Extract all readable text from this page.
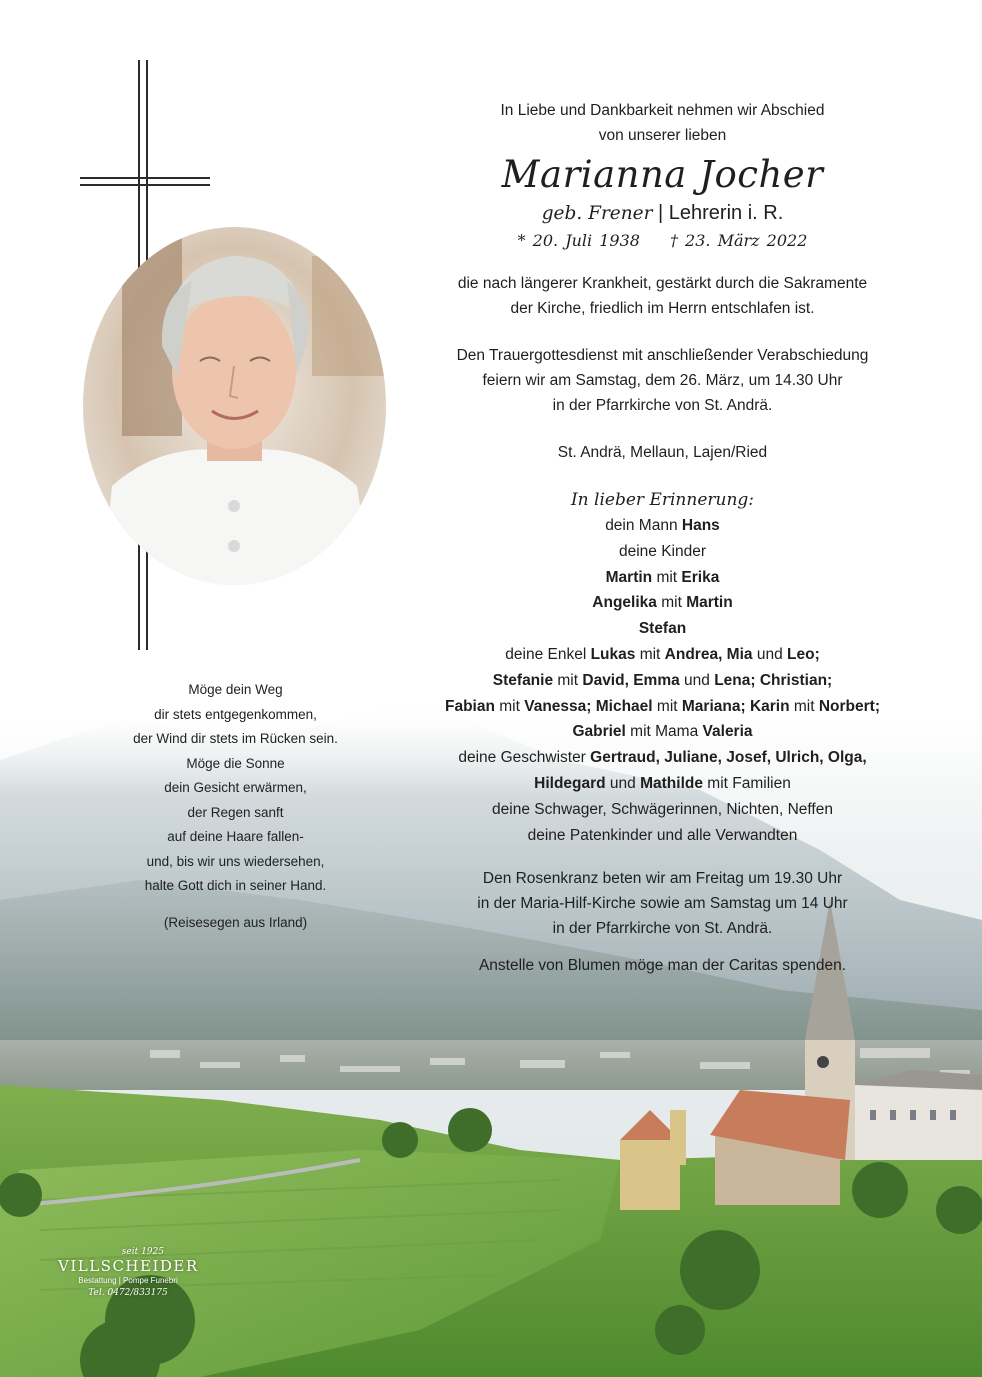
In Liebe und Dankbarkeit nehmen wir Abschied

von unserer lieben

Marianna Jocher

geb. Frener | Lehrerin i. R.

* 20. Juli 1938 † 23. März 2022

die nach längerer Krankheit, gestärkt durch die Sakramente

der Kirche, friedlich im Herrn entschlafen ist.

Den Trauergottesdienst mit anschließender Verabschiedung

feiern wir am Samstag, dem 26. März, um 14.30 Uhr

in der Pfarrkirche von St. Andrä.

St. Andrä, Mellaun, Lajen/Ried

In lieber Erinnerung:

dein Mann Hans

deine Kinder

Martin mit Erika

Angelika mit Martin

Stefan

deine Enkel Lukas mit Andrea, Mia und Leo;

Stefanie mit David, Emma und Lena; Christian;

Fabian mit Vanessa; Michael mit Mariana; Karin mit Norbert;

Gabriel mit Mama Valeria

deine Geschwister Gertraud, Juliane, Josef, Ulrich, Olga,

Hildegard und Mathilde mit Familien

deine Schwager, Schwägerinnen, Nichten, Neffen

deine Patenkinder und alle Verwandten

Den Rosenkranz beten wir am Freitag um 19.30 Uhr

in der Maria-Hilf-Kirche sowie am Samstag um 14 Uhr

in der Pfarrkirche von St. Andrä.

Anstelle von Blumen möge man der Caritas spenden.

Möge dein Weg

dir stets entgegenkommen,

der Wind dir stets im Rücken sein.

Möge die Sonne

dein Gesicht erwärmen,

der Regen sanft

auf deine Haare fallen-

und, bis wir uns wiedersehen,

halte Gott dich in seiner Hand.

(Reisesegen aus Irland)

seit 1925
VILLSCHEIDER
Bestattung | Pompe Funebri
Tel. 0472/833175
